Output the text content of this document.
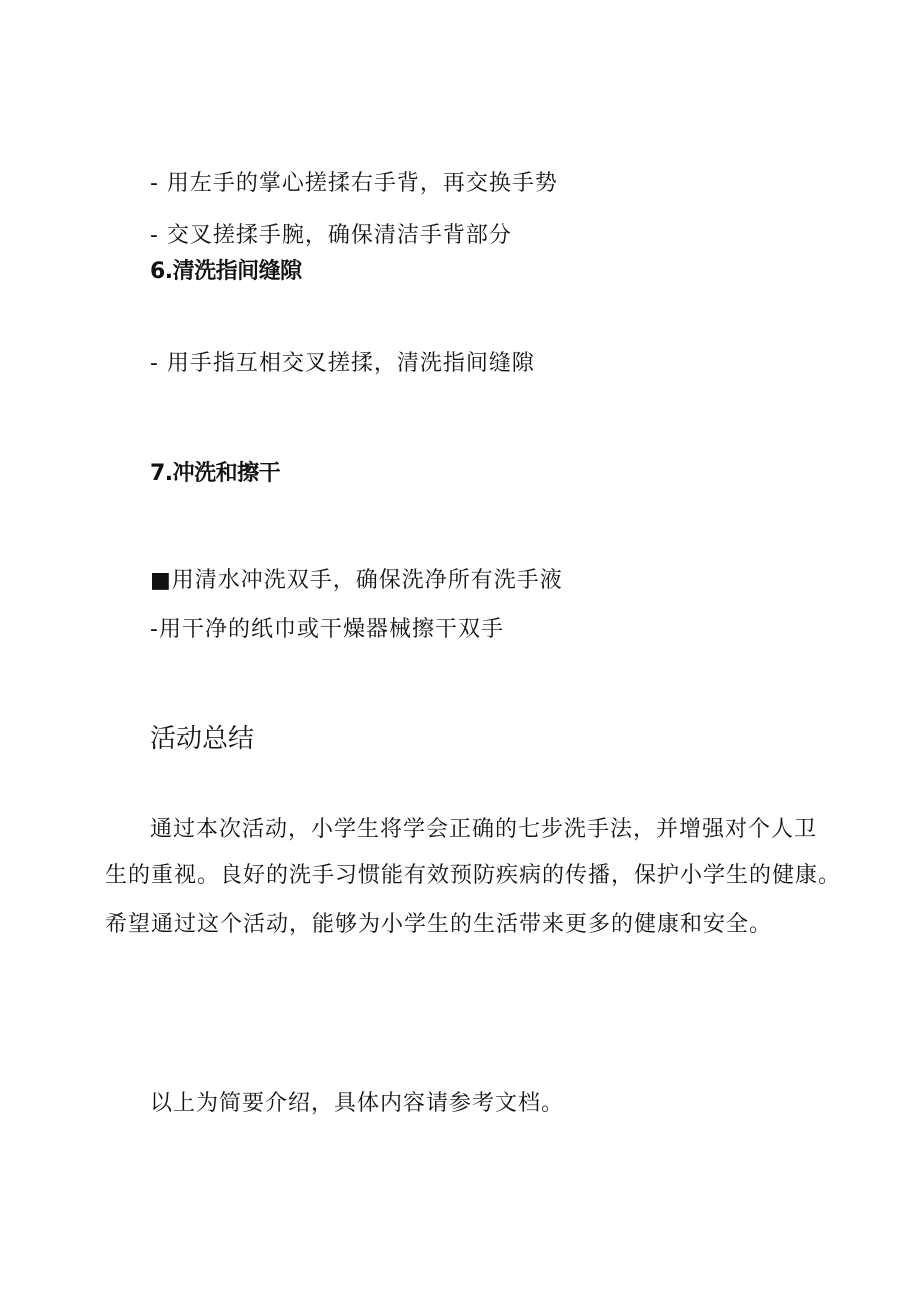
- 用左手的掌心搓揉右手背，再交换手势
- 交叉搓揉手腕，确保清洁手背部分
6.清洗指间缝隙
- 用手指互相交叉搓揉，清洗指间缝隙
7.冲洗和擦干
■用清水冲洗双手，确保洗净所有洗手液
-用干净的纸巾或干燥器械擦干双手
活动总结
通过本次活动，小学生将学会正确的七步洗手法，并增强对个人卫
生的重视。良好的洗手习惯能有效预防疾病的传播，保护小学生的健康。
希望通过这个活动，能够为小学生的生活带来更多的健康和安全。
以上为简要介绍，具体内容请参考文档。
